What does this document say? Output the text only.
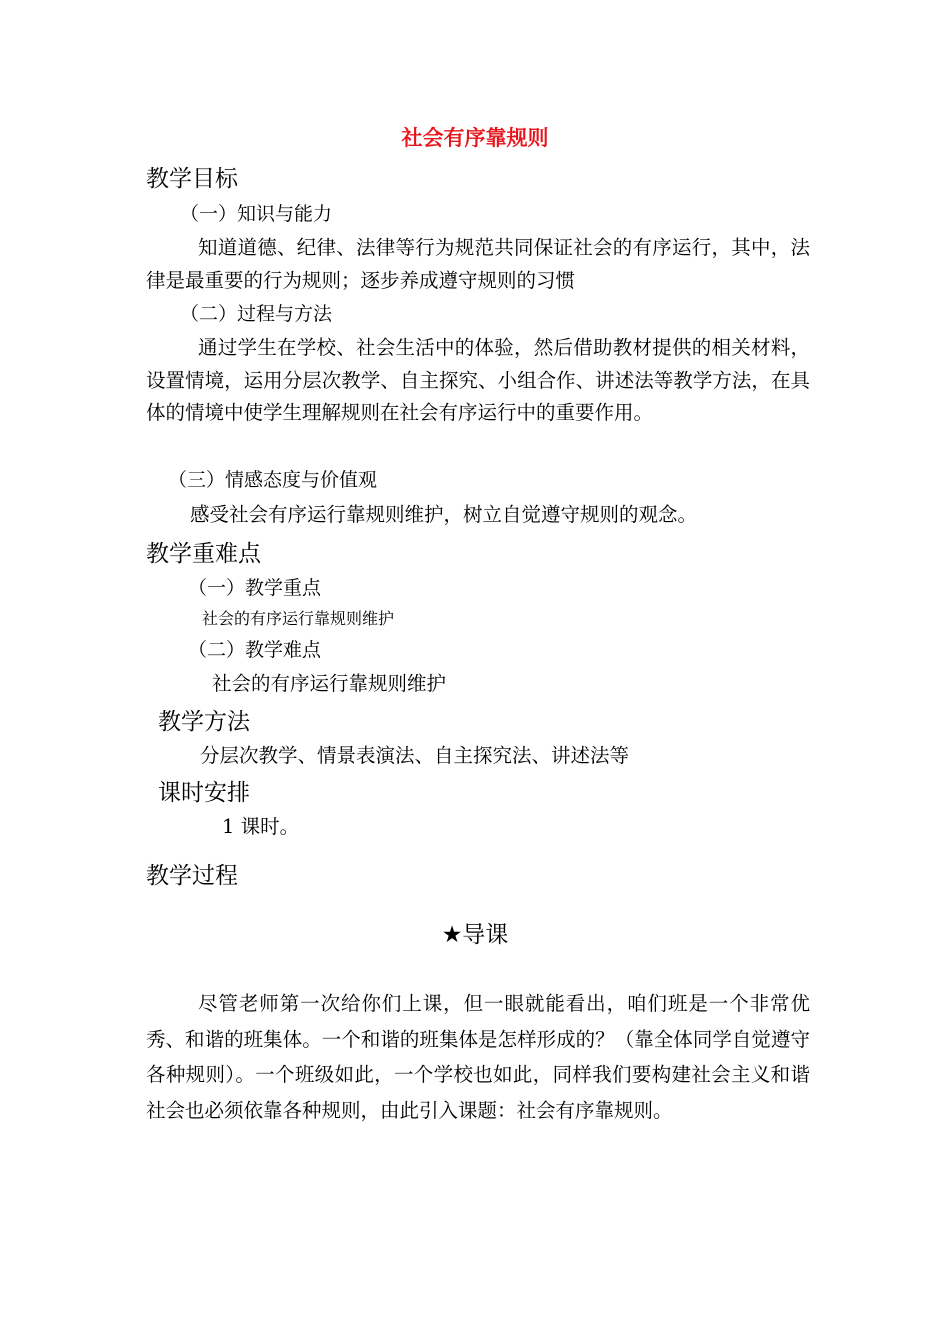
社会有序靠规则
教学目标
（一）知识与能力

知道道德、纪律、法律等行为规范共同保证社会的有序运行，其中，法律是最重要的行为规则；逐步养成遵守规则的习惯

（二）过程与方法

通过学生在学校、社会生活中的体验，然后借助教材提供的相关材料，设置情境，运用分层次教学、自主探究、小组合作、讲述法等教学方法，在具体的情境中使学生理解规则在社会有序运行中的重要作用。

（三）情感态度与价值观
感受社会有序运行靠规则维护，树立自觉遵守规则的观念。
教学重难点
（一）教学重点
社会的有序运行靠规则维护
（二）教学难点
社会的有序运行靠规则维护
教学方法
分层次教学、情景表演法、自主探究法、讲述法等
课时安排
1 课时。
教学过程
★导课

尽管老师第一次给你们上课，但一眼就能看出，咱们班是一个非常优秀、和谐的班集体。一个和谐的班集体是怎样形成的？（靠全体同学自觉遵守各种规则）。一个班级如此，一个学校也如此，同样我们要构建社会主义和谐社会也必须依靠各种规则，由此引入课题：社会有序靠规则。
